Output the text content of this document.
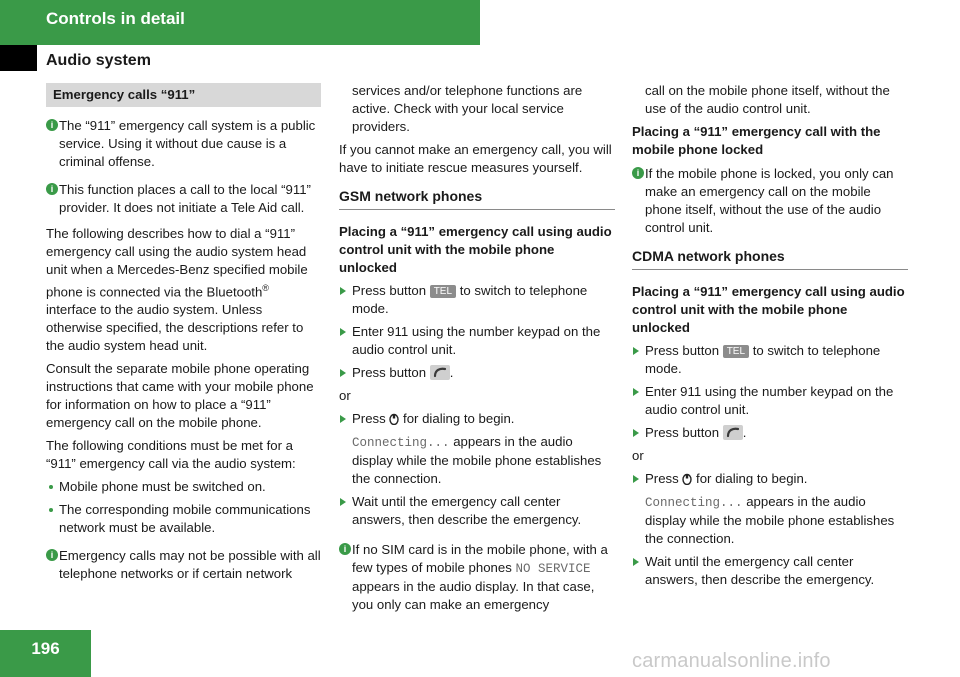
Controls in detail
Audio system
Emergency calls “911”
i The “911” emergency call system is a public service. Using it without due cause is a criminal offense.
i This function places a call to the local “911” provider. It does not initiate a Tele Aid call.

The following describes how to dial a “911” emergency call using the audio system head unit when a Mercedes-Benz specified mobile phone is connected via the Bluetooth® interface to the audio system. Unless otherwise specified, the descriptions refer to the audio system head unit.

Consult the separate mobile phone operating instructions that came with your mobile phone for information on how to place a “911” emergency call on the mobile phone.

The following conditions must be met for a “911” emergency call via the audio system:

Mobile phone must be switched on.
The corresponding mobile communications network must be available.
i Emergency calls may not be possible with all telephone networks or if certain network

services and/or telephone functions are active. Check with your local service providers.

If you cannot make an emergency call, you will have to initiate rescue measures yourself.

GSM network phones

Placing a “911” emergency call using audio control unit with the mobile phone unlocked

Press button TEL to switch to telephone mode.
Enter 911 using the number keypad on the audio control unit.
Press button .
or
Press  for dialing to begin.

Connecting... appears in the audio display while the mobile phone establishes the connection.

Wait until the emergency call center answers, then describe the emergency.
i If no SIM card is in the mobile phone, with a few types of mobile phones NO SERVICE appears in the audio display. In that case, you only can make an emergency

call on the mobile phone itself, without the use of the audio control unit.

Placing a “911” emergency call with the mobile phone locked

i If the mobile phone is locked, you only can make an emergency call on the mobile phone itself, without the use of the audio control unit.
CDMA network phones

Placing a “911” emergency call using audio control unit with the mobile phone unlocked

Press button TEL to switch to telephone mode.
Enter 911 using the number keypad on the audio control unit.
Press button .
or
Press  for dialing to begin.

Connecting... appears in the audio display while the mobile phone establishes the connection.

Wait until the emergency call center answers, then describe the emergency.
196
carmanualsonline.info
